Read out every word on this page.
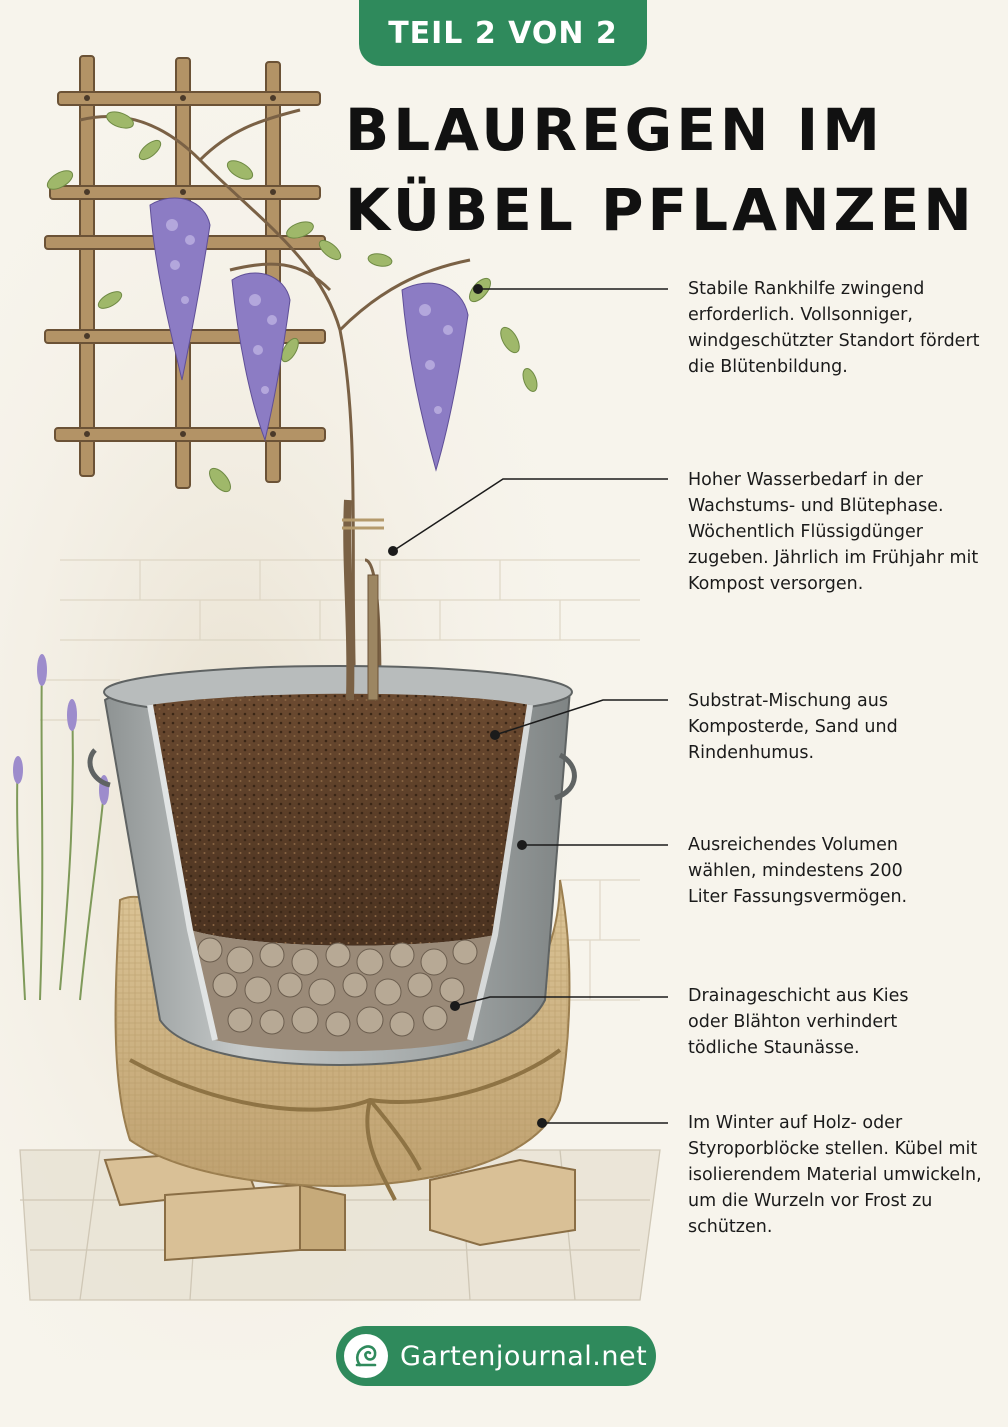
TEIL 2 VON 2
BLAUREGEN IM
KÜBEL PFLANZEN
Stabile Rankhilfe zwingend erforderlich. Vollsonniger, windgeschützter Standort fördert die Blütenbildung.
Hoher Wasserbedarf in der Wachstums- und Blütephase. Wöchentlich Flüssigdünger zugeben. Jährlich im Frühjahr mit Kompost versorgen.
Substrat-Mischung aus Komposterde, Sand und Rindenhumus.
Ausreichendes Volumen wählen, mindestens 200 Liter Fassungsvermögen.
Drainageschicht aus Kies oder Blähton verhindert tödliche Staunässe.
Im Winter auf Holz- oder Styroporblöcke stellen. Kübel mit isolierendem Material umwickeln, um die Wurzeln vor Frost zu schützen.
Gartenjournal.net
